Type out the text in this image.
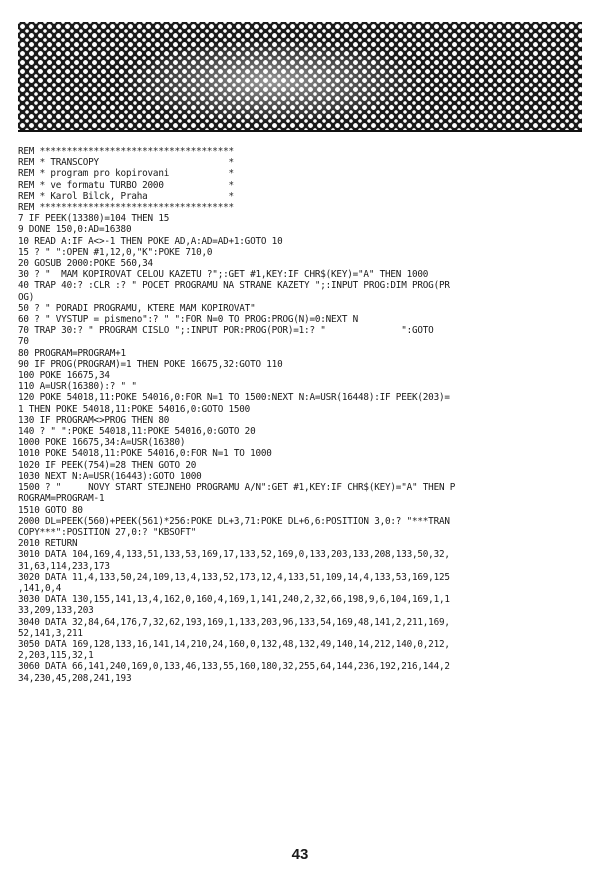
REM ************************************
REM * TRANSCOPY                        *
REM * program pro kopirovani           *
REM * ve formatu TURBO 2000            *
REM * Karol Bilck, Praha               *
REM ************************************
7 IF PEEK(13380)=104 THEN 15
9 DONE 150,0:AD=16380
10 READ A:IF A<>-1 THEN POKE AD,A:AD=AD+1:GOTO 10
15 ? " ":OPEN #1,12,0,"K":POKE 710,0
20 GOSUB 2000:POKE 560,34
30 ? "  MAM KOPIROVAT CELOU KAZETU ?";:GET #1,KEY:IF CHR$(KEY)="A" THEN 1000
40 TRAP 40:? :CLR :? " POCET PROGRAMU NA STRANE KAZETY ";:INPUT PROG:DIM PROG(PR
OG)
50 ? " PORADI PROGRAMU, KTERE MAM KOPIROVAT"
60 ? " VYSTUP = pismeno":? " ":FOR N=0 TO PROG:PROG(N)=0:NEXT N
70 TRAP 30:? " PROGRAM CISLO ";:INPUT POR:PROG(POR)=1:? "              ":GOTO
70
80 PROGRAM=PROGRAM+1
90 IF PROG(PROGRAM)=1 THEN POKE 16675,32:GOTO 110
100 POKE 16675,34
110 A=USR(16380):? " "
120 POKE 54018,11:POKE 54016,0:FOR N=1 TO 1500:NEXT N:A=USR(16448):IF PEEK(203)=
1 THEN POKE 54018,11:POKE 54016,0:GOTO 1500
130 IF PROGRAM<>PROG THEN 80
140 ? " ":POKE 54018,11:POKE 54016,0:GOTO 20
1000 POKE 16675,34:A=USR(16380)
1010 POKE 54018,11:POKE 54016,0:FOR N=1 TO 1000
1020 IF PEEK(754)=28 THEN GOTO 20
1030 NEXT N:A=USR(16443):GOTO 1000
1500 ? "     NOVY START STEJNEHO PROGRAMU A/N":GET #1,KEY:IF CHR$(KEY)="A" THEN P
ROGRAM=PROGRAM-1
1510 GOTO 80
2000 DL=PEEK(560)+PEEK(561)*256:POKE DL+3,71:POKE DL+6,6:POSITION 3,0:? "***TRAN
COPY***":POSITION 27,0:? "KBSOFT"
2010 RETURN
3010 DATA 104,169,4,133,51,133,53,169,17,133,52,169,0,133,203,133,208,133,50,32,
31,63,114,233,173
3020 DATA 11,4,133,50,24,109,13,4,133,52,173,12,4,133,51,109,14,4,133,53,169,125
,141,0,4
3030 DATA 130,155,141,13,4,162,0,160,4,169,1,141,240,2,32,66,198,9,6,104,169,1,1
33,209,133,203
3040 DATA 32,84,64,176,7,32,62,193,169,1,133,203,96,133,54,169,48,141,2,211,169,
52,141,3,211
3050 DATA 169,128,133,16,141,14,210,24,160,0,132,48,132,49,140,14,212,140,0,212,
2,203,115,32,1
3060 DATA 66,141,240,169,0,133,46,133,55,160,180,32,255,64,144,236,192,216,144,2
34,230,45,208,241,193
43
